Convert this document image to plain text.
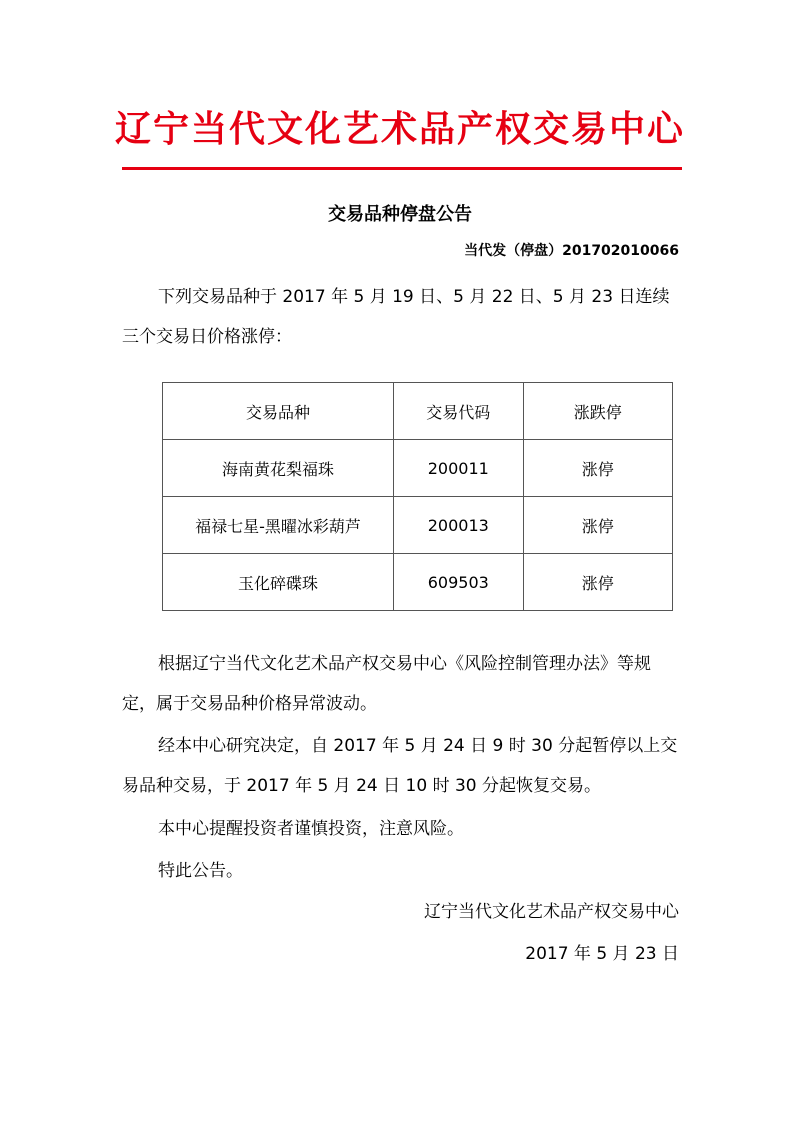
辽宁当代文化艺术品产权交易中心
交易品种停盘公告
当代发（停盘）201702010066
下列交易品种于 2017 年 5 月 19 日、5 月 22 日、5 月 23 日连续三个交易日价格涨停：
交易品种	交易代码	涨跌停
海南黄花梨福珠	200011	涨停
福禄七星-黑曜冰彩葫芦	200013	涨停
玉化碎碟珠	609503	涨停
根据辽宁当代文化艺术品产权交易中心《风险控制管理办法》等规定，属于交易品种价格异常波动。
经本中心研究决定，自 2017 年 5 月 24 日 9 时 30 分起暂停以上交易品种交易，于 2017 年 5 月 24 日 10 时 30 分起恢复交易。
本中心提醒投资者谨慎投资，注意风险。
特此公告。
辽宁当代文化艺术品产权交易中心
2017 年 5 月 23 日
